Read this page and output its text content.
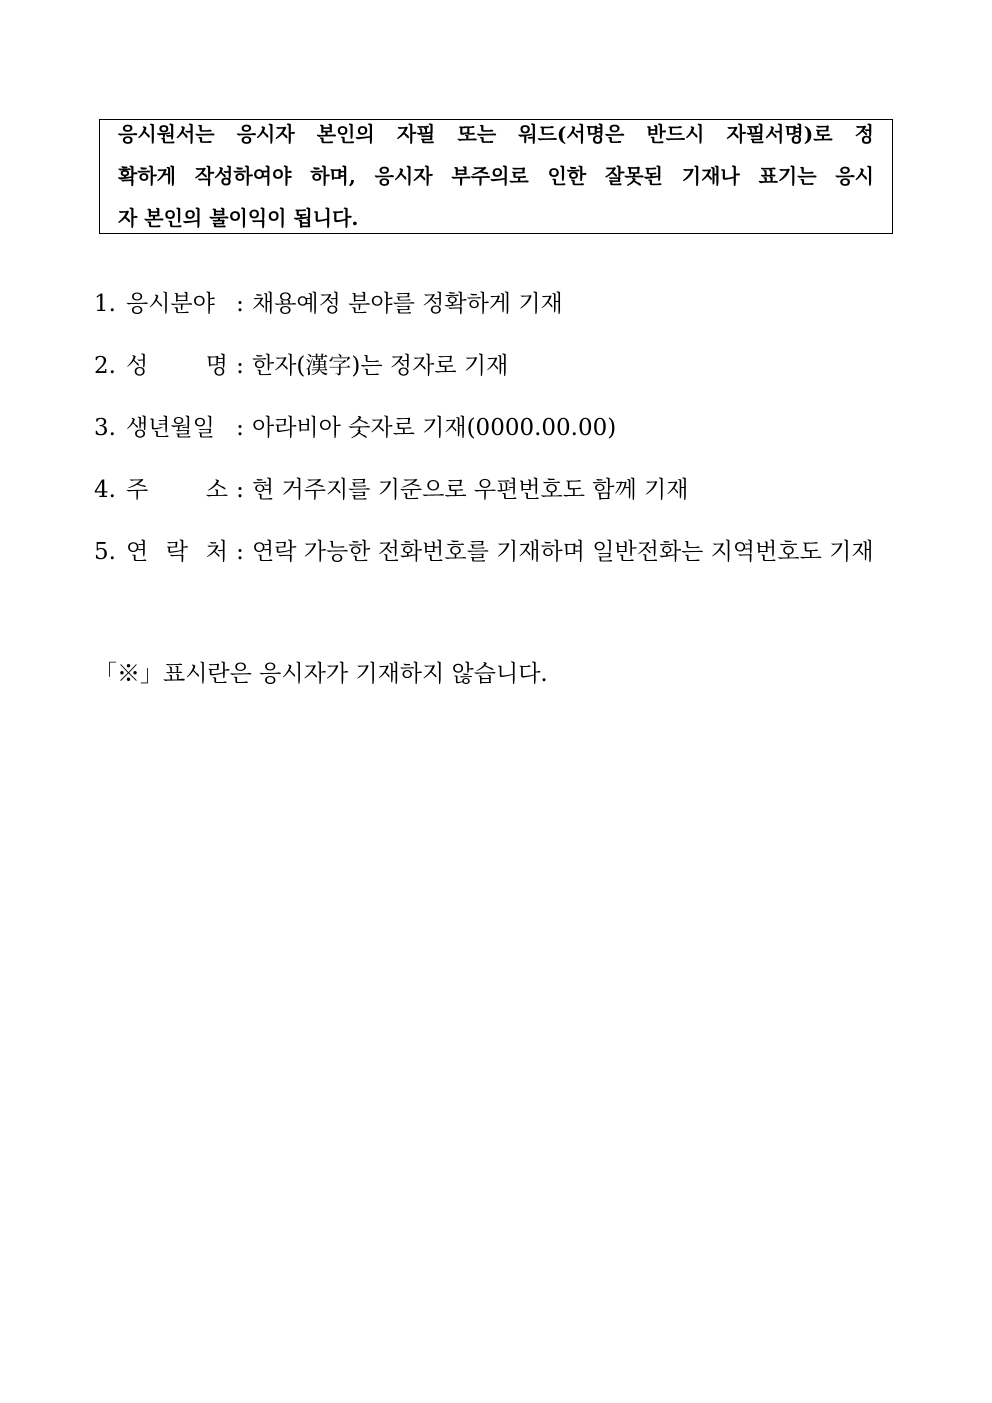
응시원서는 응시자 본인의 자필 또는 워드(서명은 반드시 자필서명)로 정
확하게 작성하여야 하며, 응시자 부주의로 인한 잘못된 기재나 표기는 응시
자 본인의 불이익이 됩니다.
1. 응시분야 : 채용예정 분야를 정확하게 기재
2. 성 명 : 한자(漢字)는 정자로 기재
3. 생년월일 : 아라비아 숫자로 기재(0000.00.00)
4. 주 소 : 현 거주지를 기준으로 우편번호도 함께 기재
5. 연 락 처 : 연락 가능한 전화번호를 기재하며 일반전화는 지역번호도 기재
「※」표시란은 응시자가 기재하지 않습니다.
